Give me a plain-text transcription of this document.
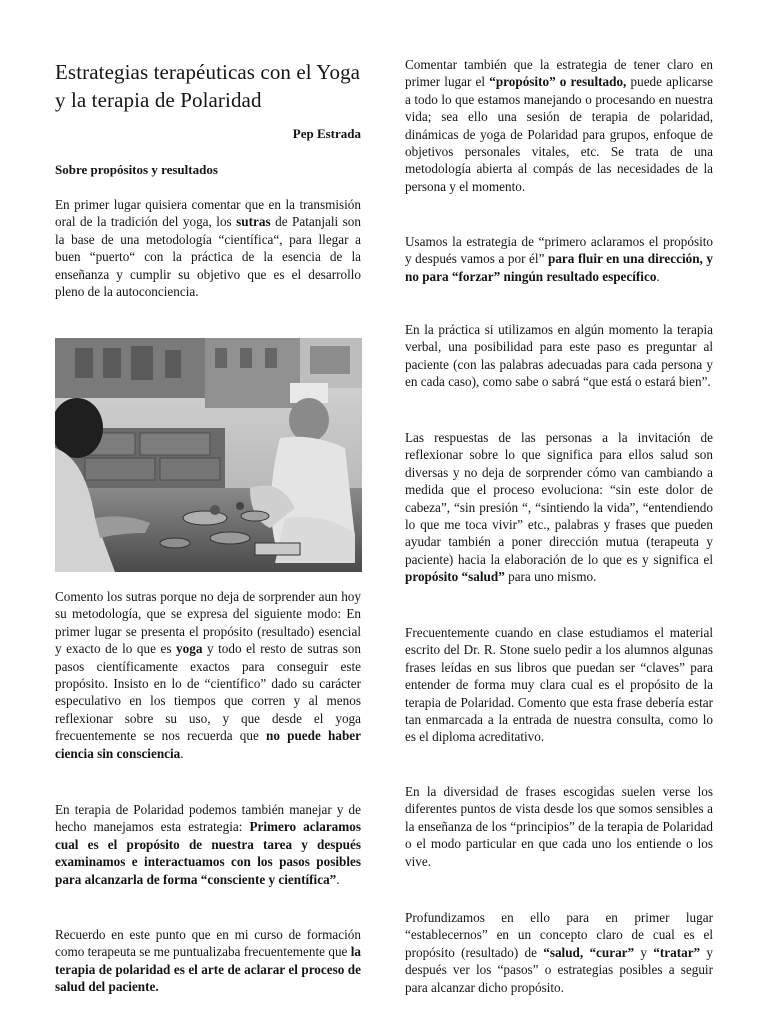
Estrategias terapéuticas con el Yoga y la terapia de Polaridad

Pep Estrada

Sobre propósitos y resultados

En primer lugar quisiera comentar que en la transmisión oral de la tradición del yoga, los sutras de Patanjali son la base de una metodología “científica“, para llegar a buen “puerto“ con la práctica de la esencia de la enseñanza y cumplir su objetivo que es el desarrollo pleno de la autoconciencia.

Comento los sutras porque no deja de sorprender aun hoy su metodología, que se expresa del siguiente modo: En primer lugar se presenta el propósito (resultado) esencial y exacto de lo que es yoga y todo el resto de sutras son pasos científicamente exactos para conseguir este propósito. Insisto en lo de “científico” dado su carácter especulativo en los tiempos que corren y al menos reflexionar sobre su uso, y que desde el yoga frecuentemente se nos recuerda que no puede haber ciencia sin consciencia.

En terapia de Polaridad podemos también manejar y de hecho manejamos esta estrategia: Primero aclaramos cual es el propósito de nuestra tarea y después examinamos e interactuamos con los pasos posibles para alcanzarla de forma “consciente y científica”.

Recuerdo en este punto que en mi curso de formación como terapeuta se me puntualizaba frecuentemente que la terapia de polaridad es el arte de aclarar el proceso de salud del paciente.

Comentar también que la estrategia de tener claro en primer lugar el “propósito” o resultado, puede aplicarse a todo lo que estamos manejando o procesando en nuestra vida; sea ello una sesión de terapia de polaridad, dinámicas de yoga de Polaridad para grupos, enfoque de objetivos personales vitales, etc. Se trata de una metodología abierta al compás de las necesidades de la persona y el momento.

Usamos la estrategia de “primero aclaramos el propósito y después vamos a por él” para fluir en una dirección, y no para “forzar” ningún resultado específico.

En la práctica si utilizamos en algún momento la terapia verbal, una posibilidad para este paso es preguntar al paciente (con las palabras adecuadas para cada persona y en cada caso), como sabe o sabrá “que está o estará bien”.

Las respuestas de las personas a la invitación de reflexionar sobre lo que significa para ellos salud son diversas y no deja de sorprender cómo van cambiando a medida que el proceso evoluciona: “sin este dolor de cabeza”, “sin presión “, “sintiendo la vida”, “entendiendo lo que me toca vivir” etc., palabras y frases que pueden ayudar también a poner dirección mutua (terapeuta y paciente) hacia la elaboración de lo que es y significa el propósito “salud” para uno mismo.

Frecuentemente cuando en clase estudiamos el material escrito del Dr. R. Stone suelo pedir a los alumnos algunas frases leídas en sus libros que puedan ser “claves” para entender de forma muy clara cual es el propósito de la terapia de Polaridad. Comento que esta frase debería estar tan enmarcada a la entrada de nuestra consulta, como lo es el diploma acreditativo.

En la diversidad de frases escogidas suelen verse los diferentes puntos de vista desde los que somos sensibles a la enseñanza de los “principios” de la terapia de Polaridad o el modo particular en que cada uno los entiende o los vive.

Profundizamos en ello para en primer lugar “establecernos” en un concepto claro de cual es el propósito (resultado) de “salud, “curar” y “tratar” y después ver los “pasos” o estrategias posibles a seguir para alcanzar dicho propósito.
